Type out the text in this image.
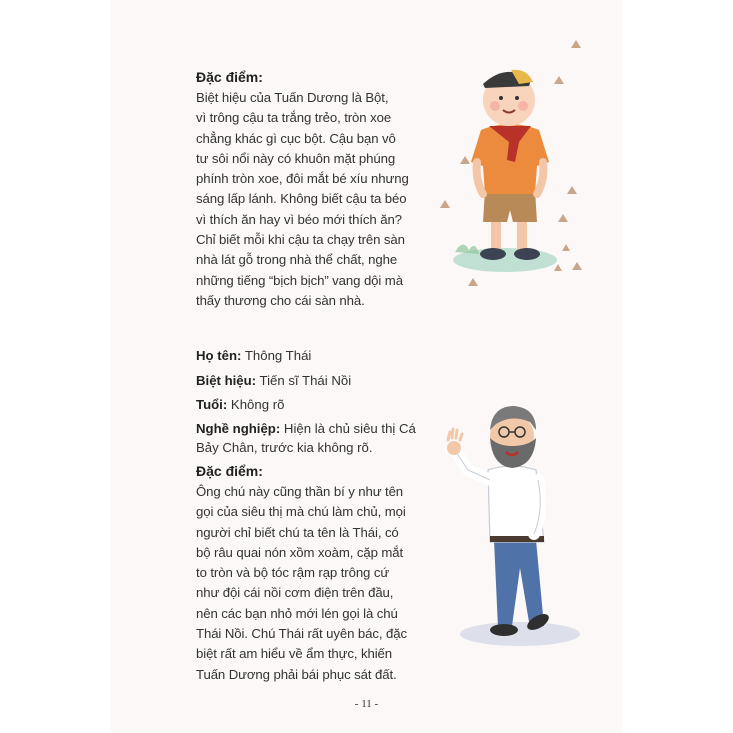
Đặc điểm:
Biệt hiệu của Tuấn Dương là Bột,
vì trông cậu ta trắng trẻo, tròn xoe
chẳng khác gì cục bột. Cậu bạn vô
tư sôi nổi này có khuôn mặt phúng
phính tròn xoe, đôi mắt bé xíu nhưng
sáng lấp lánh. Không biết cậu ta béo
vì thích ăn hay vì béo mới thích ăn?
Chỉ biết mỗi khi cậu ta chạy trên sàn
nhà lát gỗ trong nhà thể chất, nghe
những tiếng “bịch bịch” vang dội mà
thấy thương cho cái sàn nhà.
Họ tên: Thông Thái
Biệt hiệu: Tiến sĩ Thái Nồi
Tuổi: Không rõ
Nghề nghiệp: Hiện là chủ siêu thị Cá
Bảy Chân, trước kia không rõ.
Đặc điểm:
Ông chú này cũng thần bí y như tên
gọi của siêu thị mà chú làm chủ, mọi
người chỉ biết chú ta tên là Thái, có
bộ râu quai nón xồm xoàm, cặp mắt
to tròn và bộ tóc rậm rạp trông cứ
như đội cái nồi cơm điện trên đầu,
nên các bạn nhỏ mới lén gọi là chú
Thái Nồi. Chú Thái rất uyên bác, đặc
biệt rất am hiểu về ẩm thực, khiến
Tuấn Dương phải bái phục sát đất.
- 11 -
